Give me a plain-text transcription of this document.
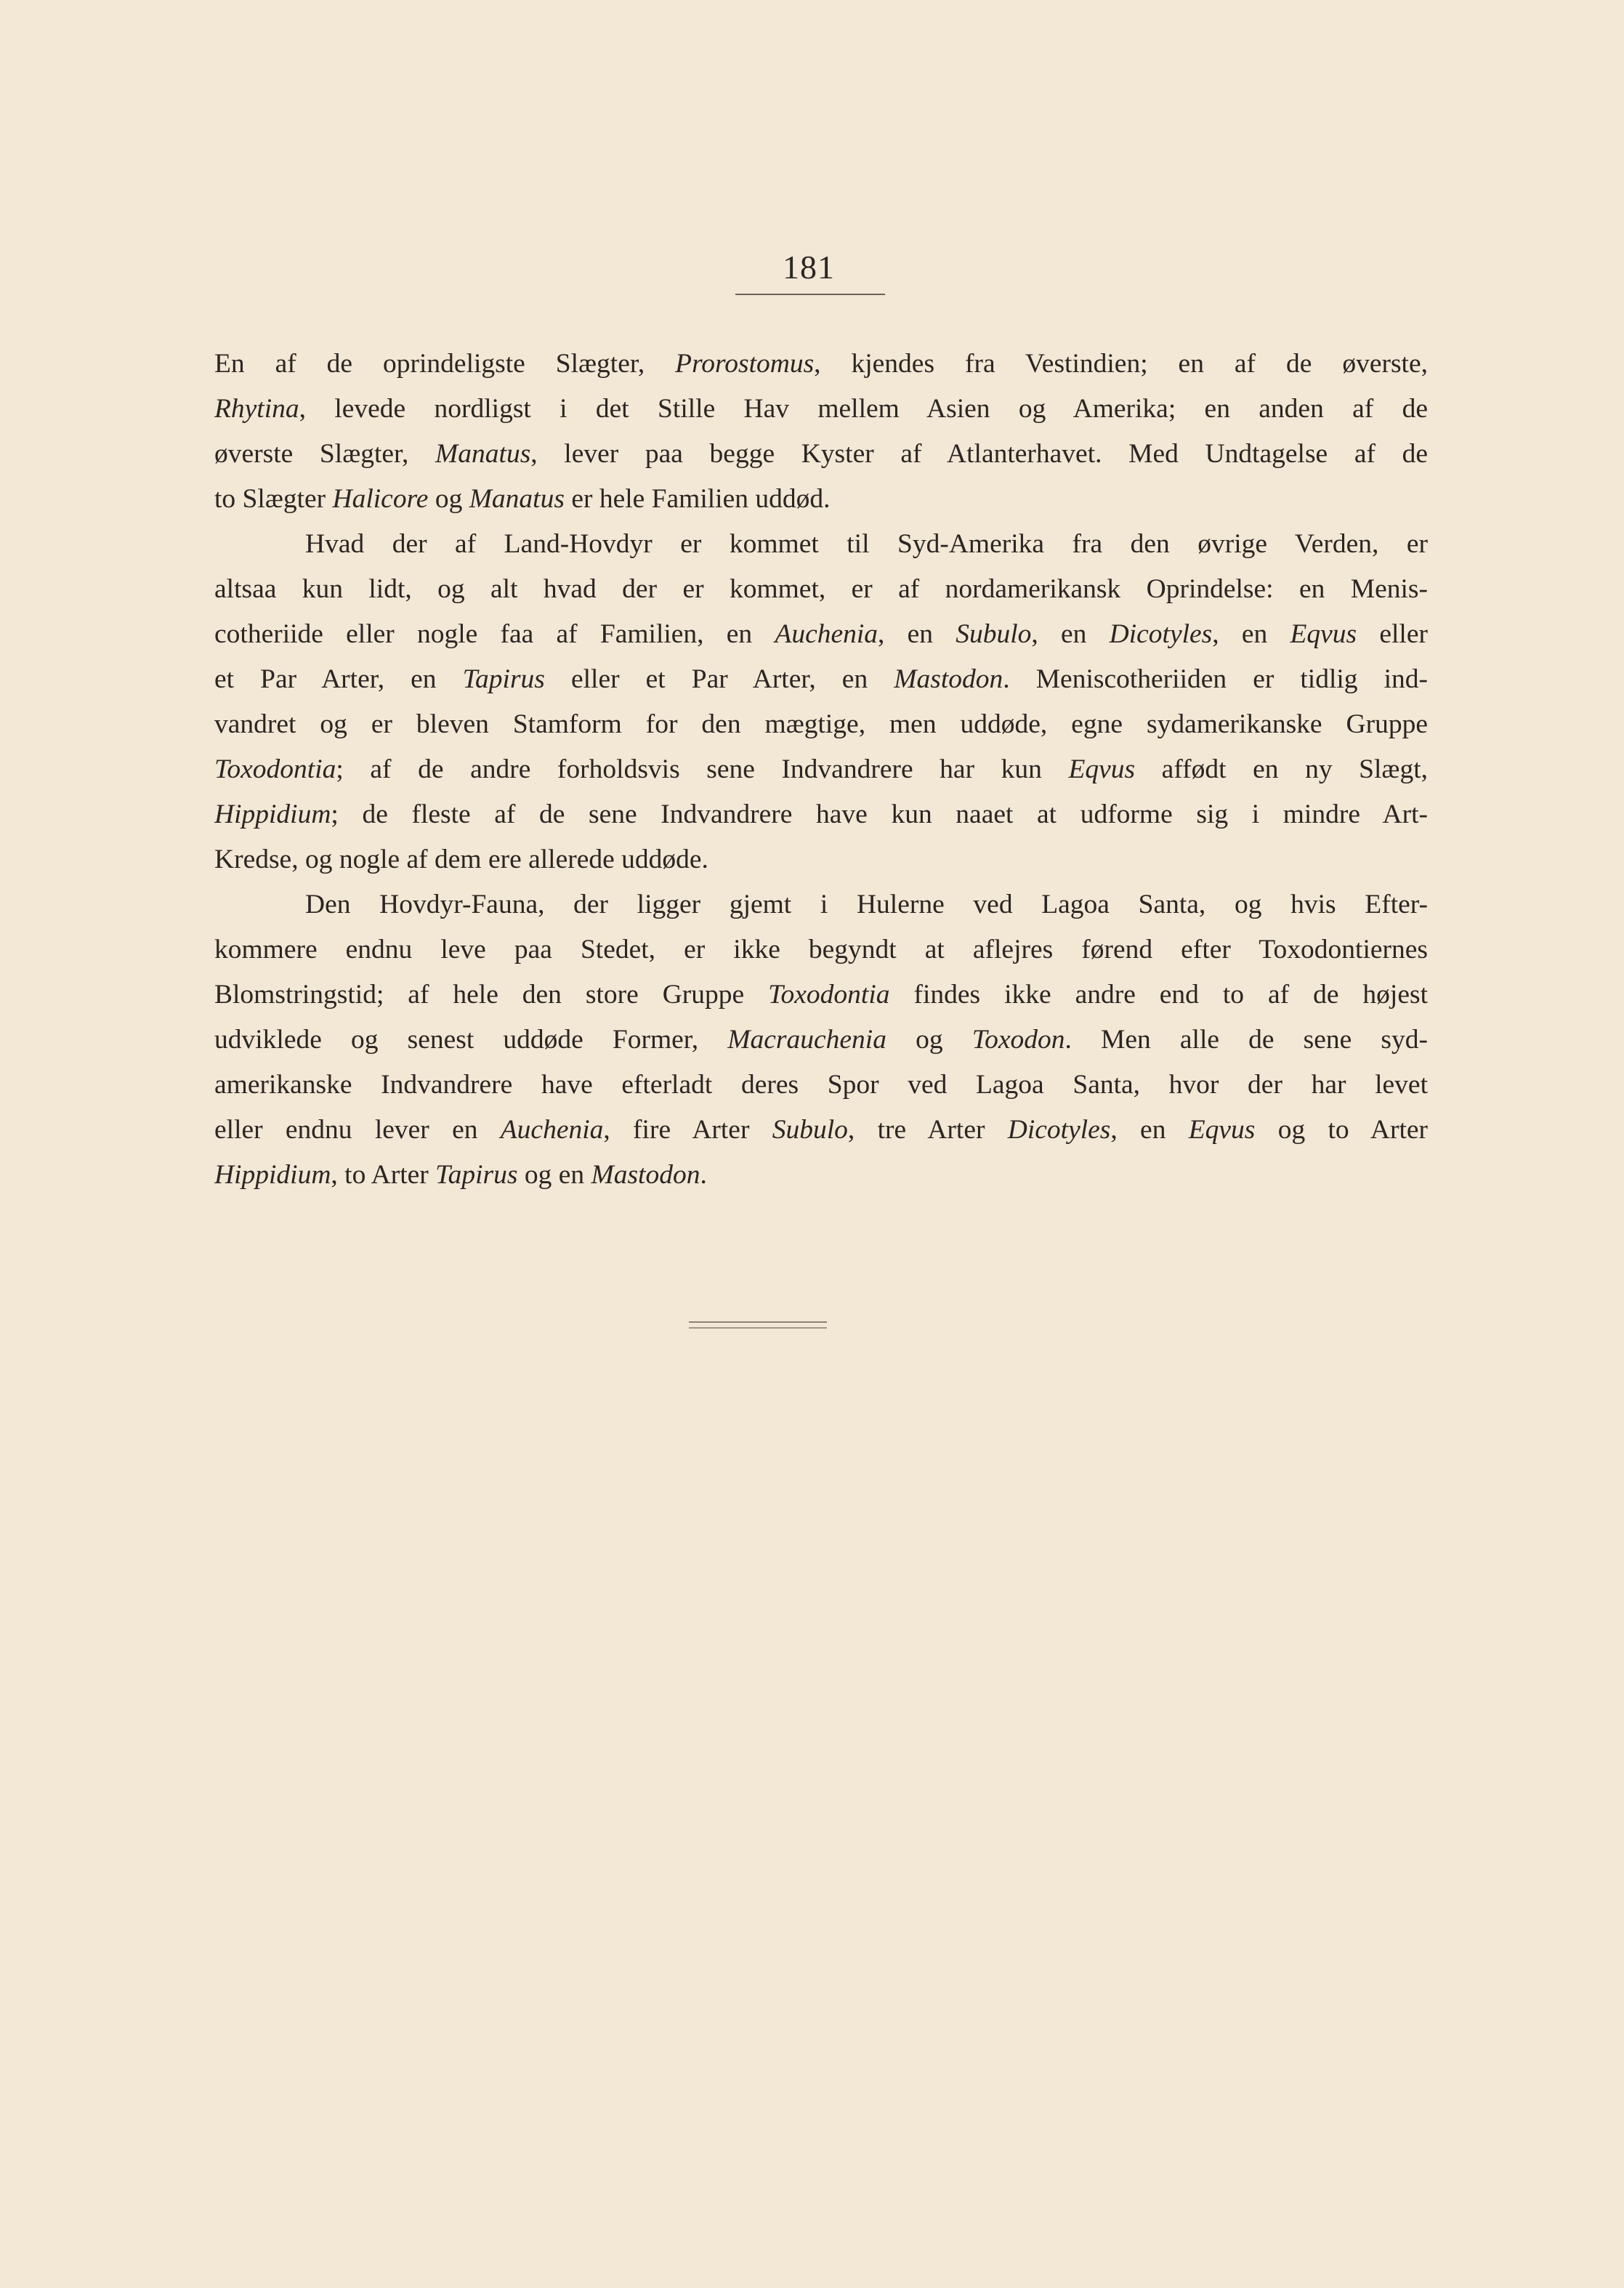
181
En af de oprindeligste Slægter, Prorostomus, kjendes fra Vestindien; en af de øverste,
Rhytina, levede nordligst i det Stille Hav mellem Asien og Amerika; en anden af de
øverste Slægter, Manatus, lever paa begge Kyster af Atlanterhavet. Med Undtagelse af de
to Slægter Halicore og Manatus er hele Familien uddød.
Hvad der af Land-Hovdyr er kommet til Syd-Amerika fra den øvrige Verden, er
altsaa kun lidt, og alt hvad der er kommet, er af nordamerikansk Oprindelse: en Menis-
cotheriide eller nogle faa af Familien, en Auchenia, en Subulo, en Dicotyles, en Eqvus eller
et Par Arter, en Tapirus eller et Par Arter, en Mastodon. Meniscotheriiden er tidlig ind-
vandret og er bleven Stamform for den mægtige, men uddøde, egne sydamerikanske Gruppe
Toxodontia; af de andre forholdsvis sene Indvandrere har kun Eqvus affødt en ny Slægt,
Hippidium; de fleste af de sene Indvandrere have kun naaet at udforme sig i mindre Art-
Kredse, og nogle af dem ere allerede uddøde.
Den Hovdyr-Fauna, der ligger gjemt i Hulerne ved Lagoa Santa, og hvis Efter-
kommere endnu leve paa Stedet, er ikke begyndt at aflejres førend efter Toxodontiernes
Blomstringstid; af hele den store Gruppe Toxodontia findes ikke andre end to af de højest
udviklede og senest uddøde Former, Macrauchenia og Toxodon. Men alle de sene syd-
amerikanske Indvandrere have efterladt deres Spor ved Lagoa Santa, hvor der har levet
eller endnu lever en Auchenia, fire Arter Subulo, tre Arter Dicotyles, en Eqvus og to Arter
Hippidium, to Arter Tapirus og en Mastodon.
